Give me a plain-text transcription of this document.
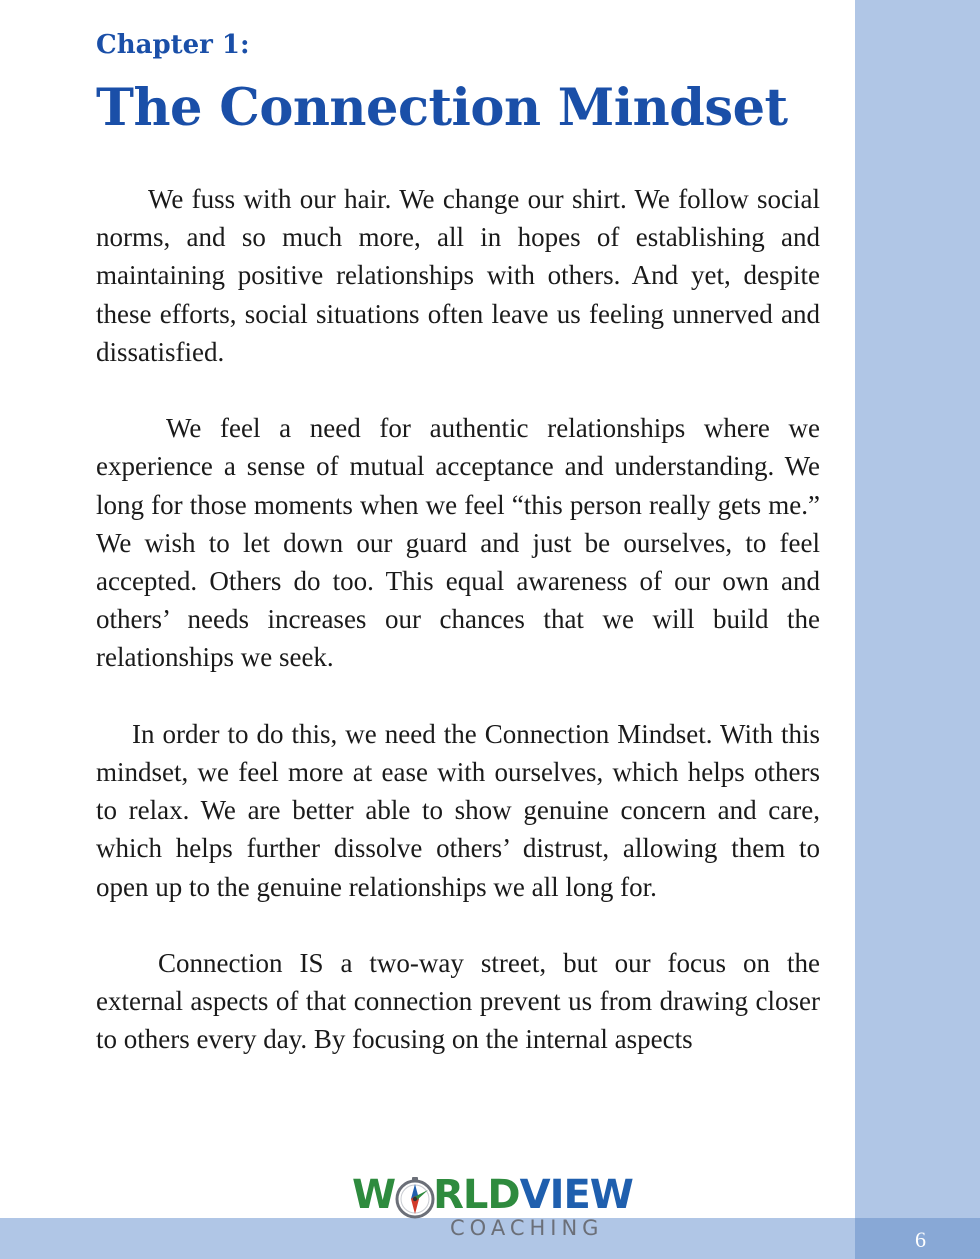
6
Chapter 1:
The Connection Mindset

We fuss with our hair. We change our shirt. We follow social norms, and so much more, all in hopes of establishing and maintaining positive relationships with others. And yet, despite these efforts, social situations often leave us feeling unnerved and dissatisfied.

We feel a need for authentic relationships where we experience a sense of mutual acceptance and understanding. We long for those moments when we feel “this person really gets me.” We wish to let down our guard and just be ourselves, to feel accepted. Others do too. This equal awareness of our own and others’ needs increases our chances that we will build the relationships we seek.

In order to do this, we need the Connection Mindset. With this mindset, we feel more at ease with ourselves, which helps others to relax. We are better able to show genuine concern and care, which helps further dissolve others’ distrust, allowing them to open up to the genuine relationships we all long for.

Connection IS a two-way street, but our focus on the external aspects of that connection prevent us from drawing closer to others every day. By focusing on the internal aspects

W RLDVIEW
COACHING
